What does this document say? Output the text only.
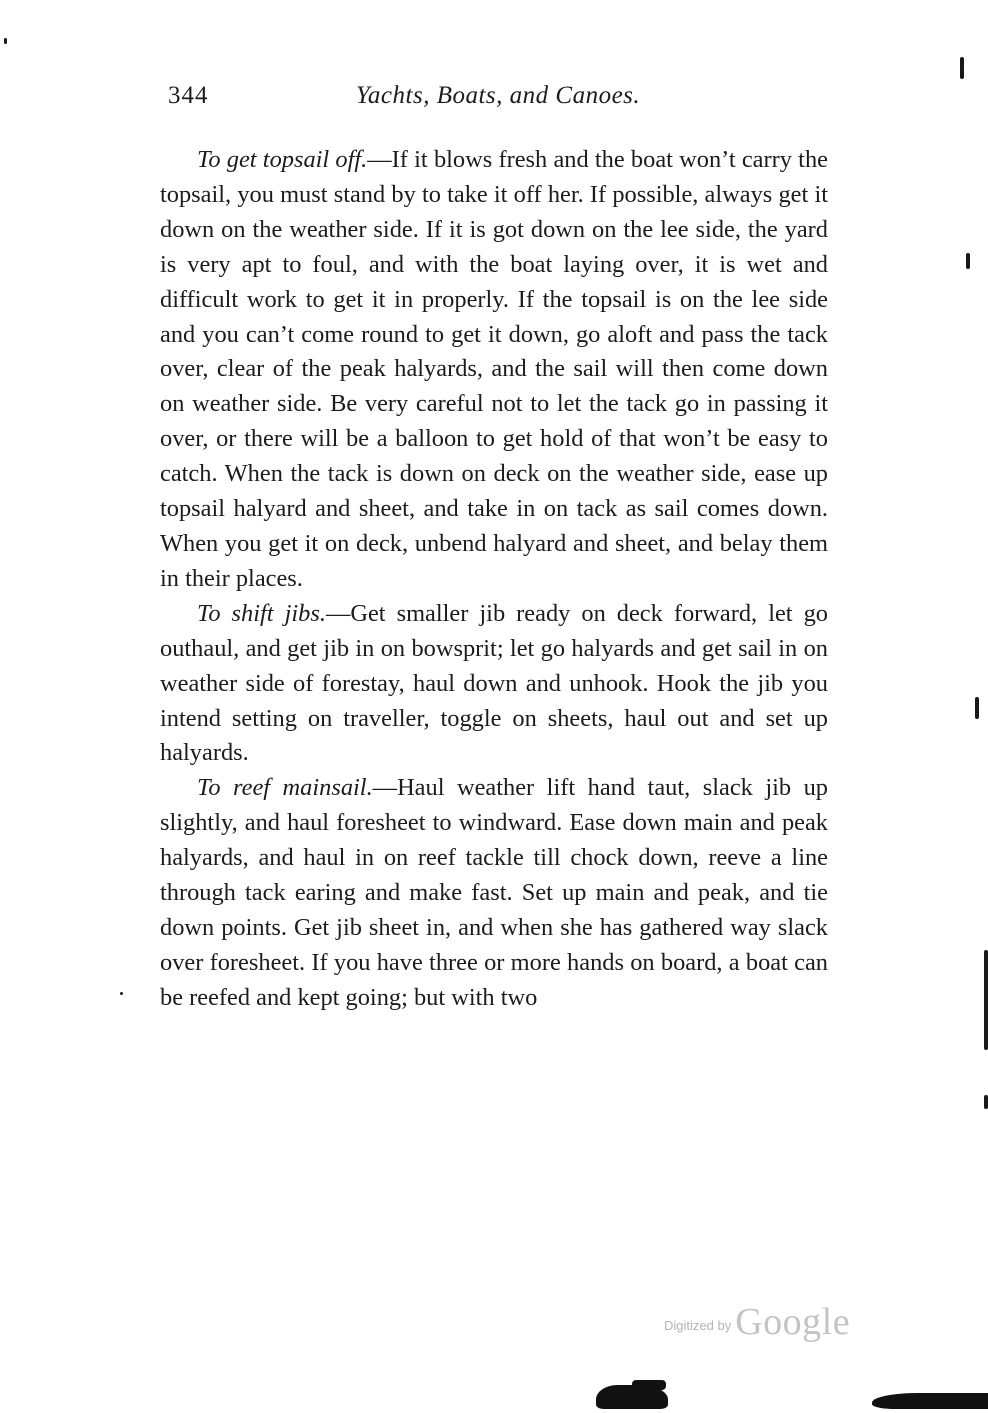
344	Yachts, Boats, and Canoes.

To get topsail off.—If it blows fresh and the boat won’t carry the topsail, you must stand by to take it off her. If possible, always get it down on the weather side. If it is got down on the lee side, the yard is very apt to foul, and with the boat laying over, it is wet and difficult work to get it in properly. If the topsail is on the lee side and you can’t come round to get it down, go aloft and pass the tack over, clear of the peak halyards, and the sail will then come down on weather side. Be very careful not to let the tack go in passing it over, or there will be a balloon to get hold of that won’t be easy to catch. When the tack is down on deck on the weather side, ease up topsail halyard and sheet, and take in on tack as sail comes down. When you get it on deck, unbend halyard and sheet, and belay them in their places.

To shift jibs.—Get smaller jib ready on deck forward, let go outhaul, and get jib in on bowsprit; let go halyards and get sail in on weather side of forestay, haul down and unhook. Hook the jib you intend setting on traveller, toggle on sheets, haul out and set up halyards.

To reef mainsail.—Haul weather lift hand taut, slack jib up slightly, and haul foresheet to windward. Ease down main and peak halyards, and haul in on reef tackle till chock down, reeve a line through tack earing and make fast. Set up main and peak, and tie down points. Get jib sheet in, and when she has gathered way slack over foresheet. If you have three or more hands on board, a boat can be reefed and kept going; but with two

$^{Digitized by}$ Google
